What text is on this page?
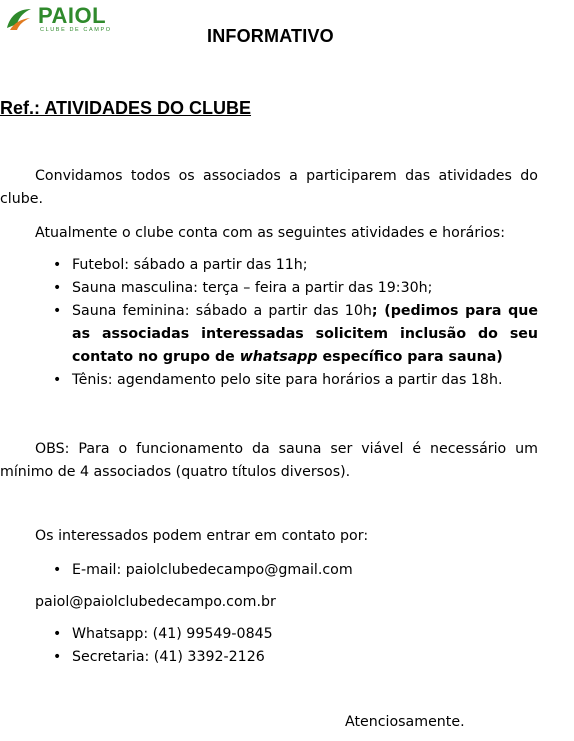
PAIOL
CLUBE DE CAMPO	INFORMATIVO
Ref.: ATIVIDADES DO CLUBE
Convidamos todos os associados a participarem das atividades do clube.
Atualmente o clube conta com as seguintes atividades e horários:
• Futebol: sábado a partir das 11h;
• Sauna masculina: terça – feira a partir das 19:30h;
• Sauna feminina: sábado a partir das 10h; (pedimos para que as associadas interessadas solicitem inclusão do seu contato no grupo de whatsapp específico para sauna)
• Tênis: agendamento pelo site para horários a partir das 18h.
OBS: Para o funcionamento da sauna ser viável é necessário um mínimo de 4 associados (quatro títulos diversos).
Os interessados podem entrar em contato por:
• E-mail: paiolclubedecampo@gmail.com
paiol@paiolclubedecampo.com.br
• Whatsapp: (41) 99549-0845
• Secretaria: (41) 3392-2126
Atenciosamente.
